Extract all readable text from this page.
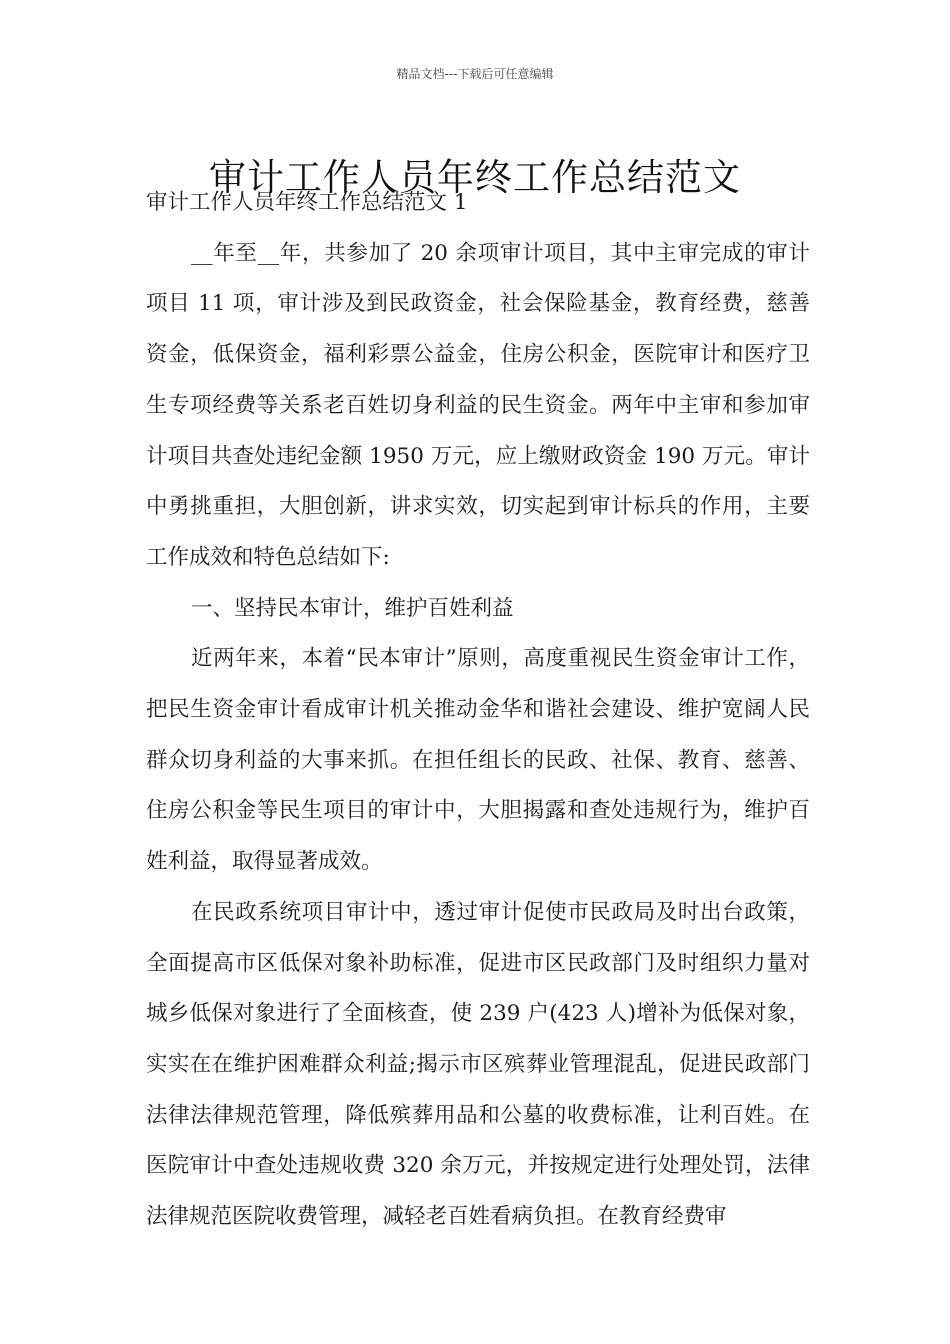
精品文档---下载后可任意编辑
审计工作人员年终工作总结范文

审计工作人员年终工作总结范文 1

__年至__年，共参加了 20 余项审计项目，其中主审完成的审计项目 11 项，审计涉及到民政资金，社会保险基金，教育经费，慈善资金，低保资金，福利彩票公益金，住房公积金，医院审计和医疗卫生专项经费等关系老百姓切身利益的民生资金。两年中主审和参加审计项目共查处违纪金额 1950 万元，应上缴财政资金 190 万元。审计中勇挑重担，大胆创新，讲求实效，切实起到审计标兵的作用，主要工作成效和特色总结如下:

一、坚持民本审计，维护百姓利益

近两年来，本着“民本审计”原则，高度重视民生资金审计工作，把民生资金审计看成审计机关推动金华和谐社会建设、维护宽阔人民群众切身利益的大事来抓。在担任组长的民政、社保、教育、慈善、住房公积金等民生项目的审计中，大胆揭露和查处违规行为，维护百姓利益，取得显著成效。

在民政系统项目审计中，透过审计促使市民政局及时出台政策，全面提高市区低保对象补助标准，促进市区民政部门及时组织力量对城乡低保对象进行了全面核查，使 239 户(423 人)增补为低保对象，实实在在维护困难群众利益;揭示市区殡葬业管理混乱，促进民政部门法律法律规范管理，降低殡葬用品和公墓的收费标准，让利百姓。在医院审计中查处违规收费 320 余万元，并按规定进行处理处罚，法律法律规范医院收费管理，减轻老百姓看病负担。在教育经费审
